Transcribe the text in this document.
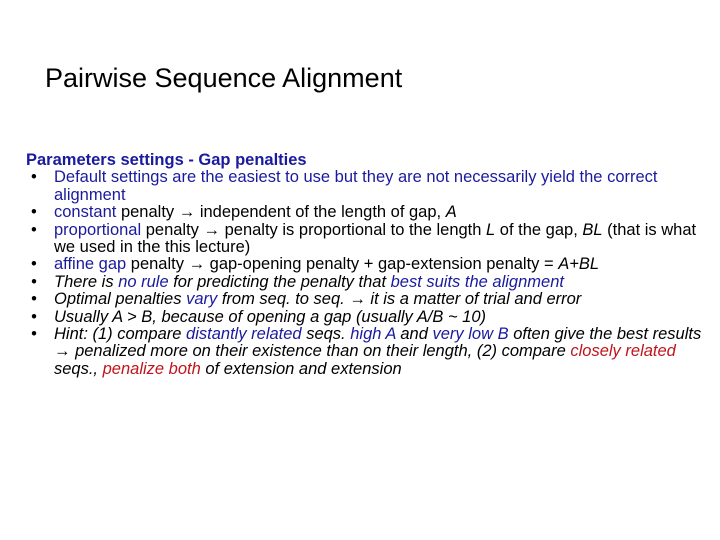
Pairwise Sequence Alignment
Parameters settings - Gap penalties
• Default settings are the easiest to use but they are not necessarily yield the correct alignment
• constant penalty → independent of the length of gap, A
• proportional penalty → penalty is proportional to the length L of the gap, BL (that is what we used in the this lecture)
• affine gap penalty → gap-opening penalty + gap-extension penalty = A+BL
• There is no rule for predicting the penalty that best suits the alignment
• Optimal penalties vary from seq. to seq. → it is a matter of trial and error
• Usually A > B, because of opening a gap (usually A/B ~ 10)
• Hint: (1) compare distantly related seqs. high A and very low B often give the best results → penalized more on their existence than on their length, (2) compare closely related seqs., penalize both of extension and extension
